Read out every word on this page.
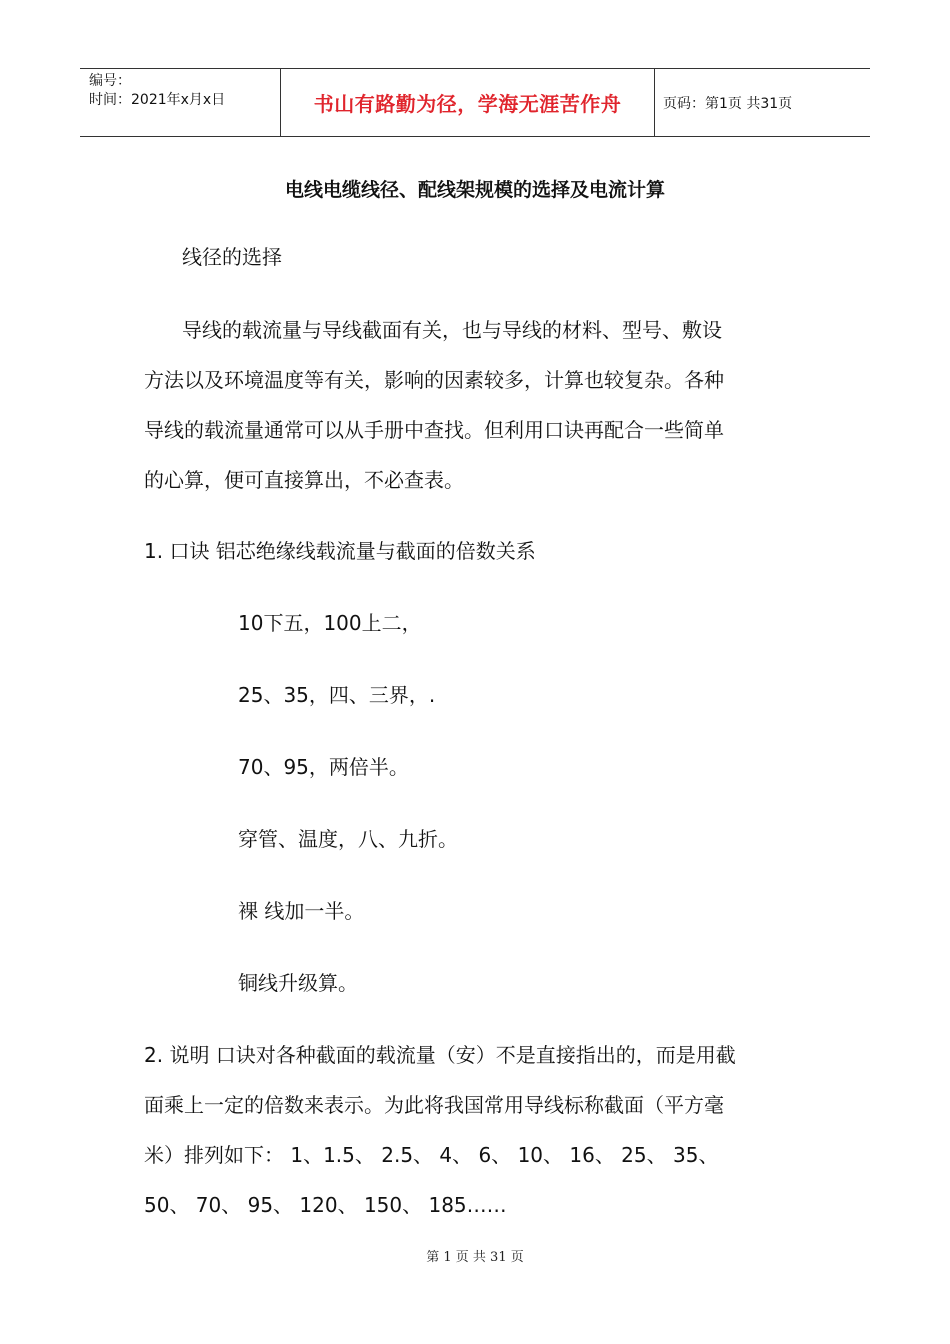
编号：
时间：2021年x月x日	书山有路勤为径，学海无涯苦作舟	页码：第1页 共31页
电线电缆线径、配线架规模的选择及电流计算
线径的选择
导线的载流量与导线截面有关，也与导线的材料、型号、敷设
方法以及环境温度等有关，影响的因素较多，计算也较复杂。各种
导线的载流量通常可以从手册中查找。但利用口诀再配合一些简单
的心算，便可直接算出，不必查表。
1. 口诀 铝芯绝缘线载流量与截面的倍数关系
10下五，100上二，
25、35，四、三界，.
70、95，两倍半。
穿管、温度，八、九折。
裸 线加一半。
铜线升级算。
2. 说明 口诀对各种截面的载流量（安）不是直接指出的，而是用截
面乘上一定的倍数来表示。为此将我国常用导线标称截面（平方毫
米）排列如下： 1、1.5、 2.5、 4、 6、 10、 16、 25、 35、
50、 70、 95、 120、 150、 185……
第 1 页 共 31 页
